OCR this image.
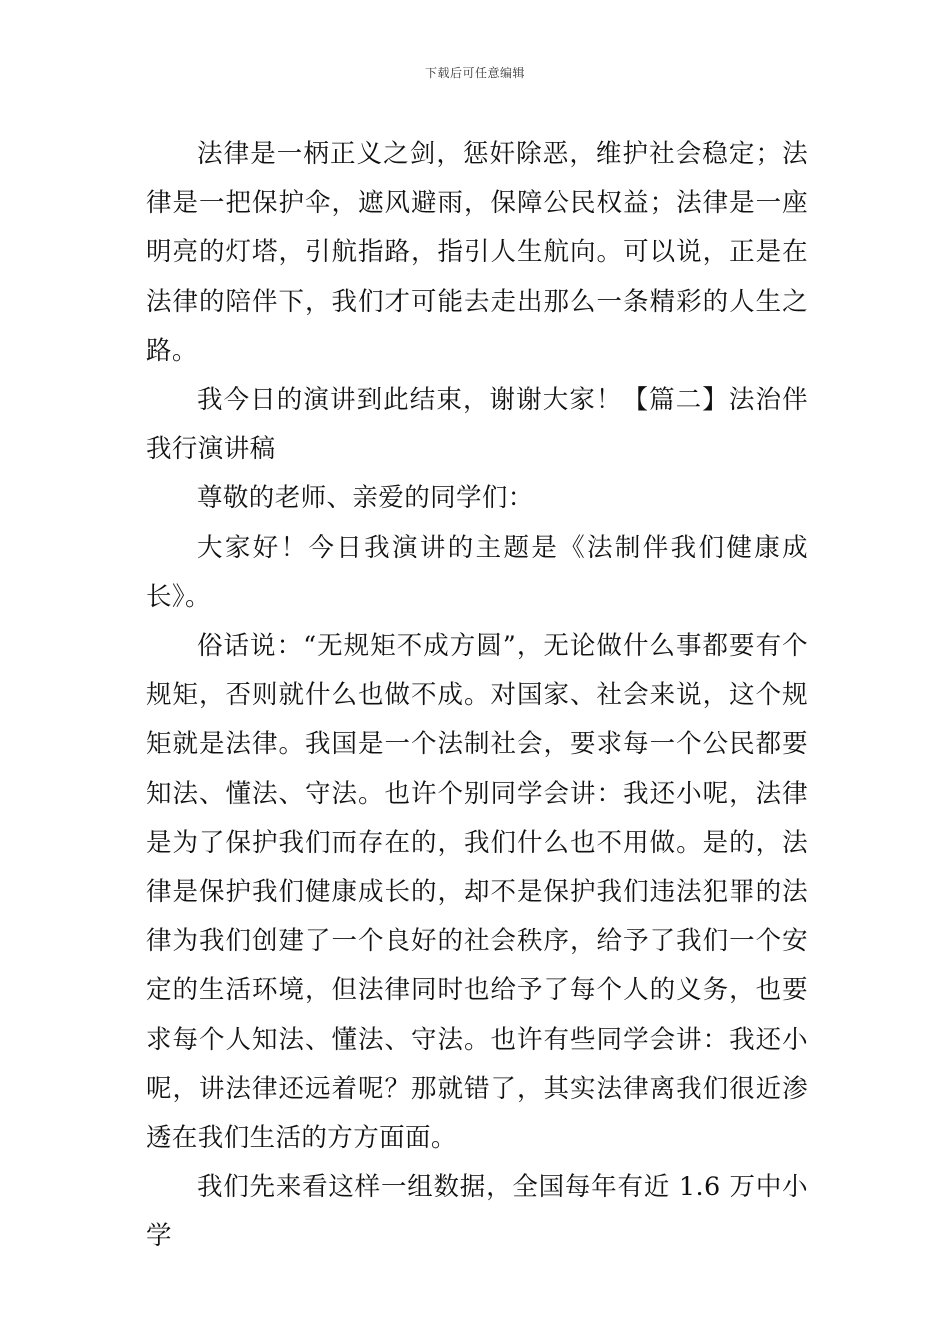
下载后可任意编辑

法律是一柄正义之剑，惩奸除恶，维护社会稳定；法律是一把保护伞，遮风避雨，保障公民权益；法律是一座明亮的灯塔，引航指路，指引人生航向。可以说，正是在法律的陪伴下，我们才可能去走出那么一条精彩的人生之路。

我今日的演讲到此结束，谢谢大家！【篇二】法治伴我行演讲稿

尊敬的老师、亲爱的同学们：

大家好！今日我演讲的主题是《法制伴我们健康成长》。

俗话说：“无规矩不成方圆”，无论做什么事都要有个规矩，否则就什么也做不成。对国家、社会来说，这个规矩就是法律。我国是一个法制社会，要求每一个公民都要知法、懂法、守法。也许个别同学会讲：我还小呢，法律是为了保护我们而存在的，我们什么也不用做。是的，法律是保护我们健康成长的，却不是保护我们违法犯罪的法律为我们创建了一个良好的社会秩序，给予了我们一个安定的生活环境，但法律同时也给予了每个人的义务，也要求每个人知法、懂法、守法。也许有些同学会讲：我还小呢，讲法律还远着呢？那就错了，其实法律离我们很近渗透在我们生活的方方面面。

我们先来看这样一组数据，全国每年有近 1.6 万中小学
